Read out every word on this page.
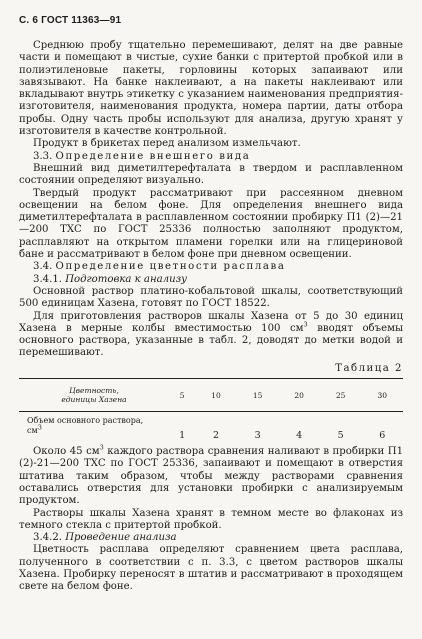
С. 6 ГОСТ 11363—91

Среднюю пробу тщательно перемешивают, делят на две равные части и помещают в чистые, сухие банки с притертой пробкой или в полиэтиленовые пакеты, горловины которых запаивают или завязывают. На банке наклеивают, а на пакеты наклеивают или вкладывают внутрь этикетку с указанием наименования предприятия-изготовителя, наименования продукта, номера партии, даты отбора пробы. Одну часть пробы используют для анализа, другую хранят у изготовителя в качестве контрольной.

Продукт в брикетах перед анализом измельчают.

3.3. Определение внешнего вида

Внешний вид диметилтерефталата в твердом и расплавленном состоянии определяют визуально.

Твердый продукт рассматривают при рассеянном дневном освещении на белом фоне. Для определения внешнего вида диметилтерефталата в расплавленном состоянии пробирку П1 (2)—21—200 ТХС по ГОСТ 25336 полностью заполняют продуктом, расплавляют на открытом пламени горелки или на глицериновой бане и рассматривают в белом фоне при дневном освещении.

3.4. Определение цветности расплава

3.4.1. Подготовка к анализу

Основной раствор платино-кобальтовой шкалы, соответствующий 500 единицам Хазена, готовят по ГОСТ 18522.

Для приготовления растворов шкалы Хазена от 5 до 30 единиц Хазена в мерные колбы вместимостью 100 $см^3$ вводят объемы основного раствора, указанные в табл. 2, доводят до метки водой и перемешивают.

Таблица 2
Цветность,
единицы Хазена	5	10	15	20	25	30

Объем основного раствора,
$см^3$	1	2	3	4	5	6

Около 45 $см^3$ каждого раствора сравнения наливают в пробирки П1 (2)-21—200 ТХС по ГОСТ 25336, запаивают и помещают в отверстия штатива таким образом, чтобы между растворами сравнения оставались отверстия для установки пробирки с анализируемым продуктом.

Растворы шкалы Хазена хранят в темном месте во флаконах из темного стекла с притертой пробкой.

3.4.2. Проведение анализа

Цветность расплава определяют сравнением цвета расплава, полученного в соответствии с п. 3.3, с цветом растворов шкалы Хазена. Пробирку переносят в штатив и рассматривают в проходящем свете на белом фоне.
